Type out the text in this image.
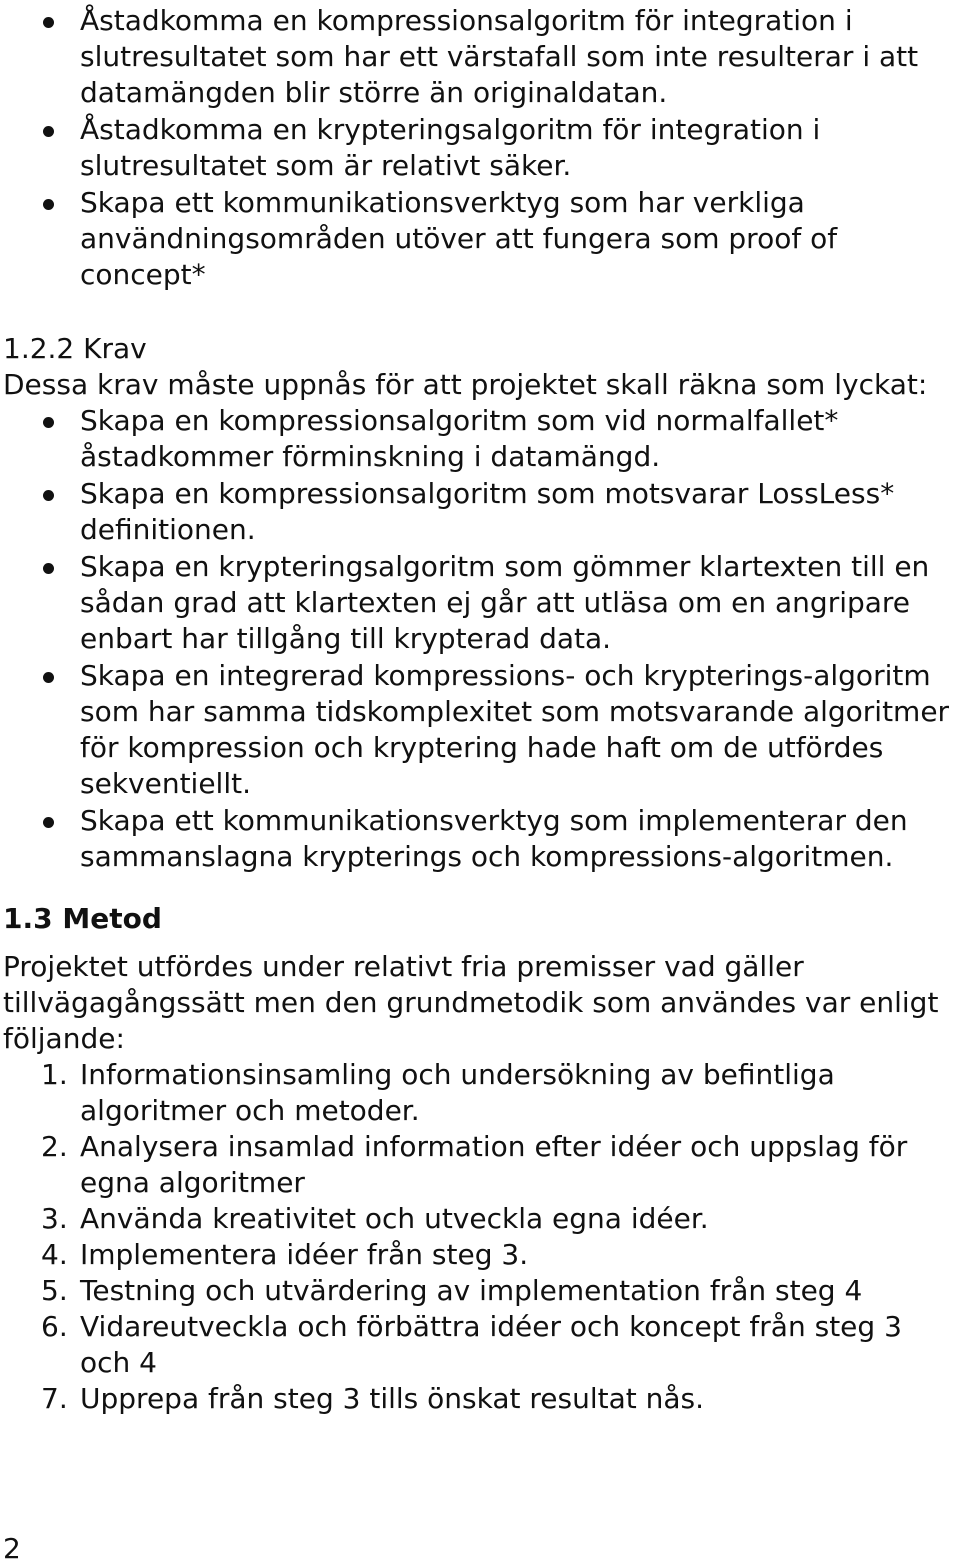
Åstadkomma en kompressionsalgoritm för integration i slutresultatet som har ett värstafall som inte resulterar i att datamängden blir större än originaldatan.
Åstadkomma en krypteringsalgoritm för integration i slutresultatet som är relativt säker.
Skapa ett kommunikationsverktyg som har verkliga användningsområden utöver att fungera som proof of concept*

1.2.2 Krav

Dessa krav måste uppnås för att projektet skall räkna som lyckat:

Skapa en kompressionsalgoritm som vid normalfallet* åstadkommer förminskning i datamängd.
Skapa en kompressionsalgoritm som motsvarar LossLess* definitionen.
Skapa en krypteringsalgoritm som gömmer klartexten till en sådan grad att klartexten ej går att utläsa om en angripare enbart har tillgång till krypterad data.
Skapa en integrerad kompressions- och krypterings-algoritm som har samma tidskomplexitet som motsvarande algoritmer för kompression och kryptering hade haft om de utfördes sekventiellt.
Skapa ett kommunikationsverktyg som implementerar den sammanslagna krypterings och kompressions-algoritmen.

1.3 Metod

Projektet utfördes under relativt fria premisser vad gäller tillvägagångssätt men den grundmetodik som användes var enligt följande:

1. Informationsinsamling och undersökning av befintliga algoritmer och metoder.
2. Analysera insamlad information efter idéer och uppslag för egna algoritmer
3. Använda kreativitet och utveckla egna idéer.
4. Implementera idéer från steg 3.
5. Testning och utvärdering av implementation från steg 4
6. Vidareutveckla och förbättra idéer och koncept från steg 3 och 4
7. Upprepa från steg 3 tills önskat resultat nås.
2
